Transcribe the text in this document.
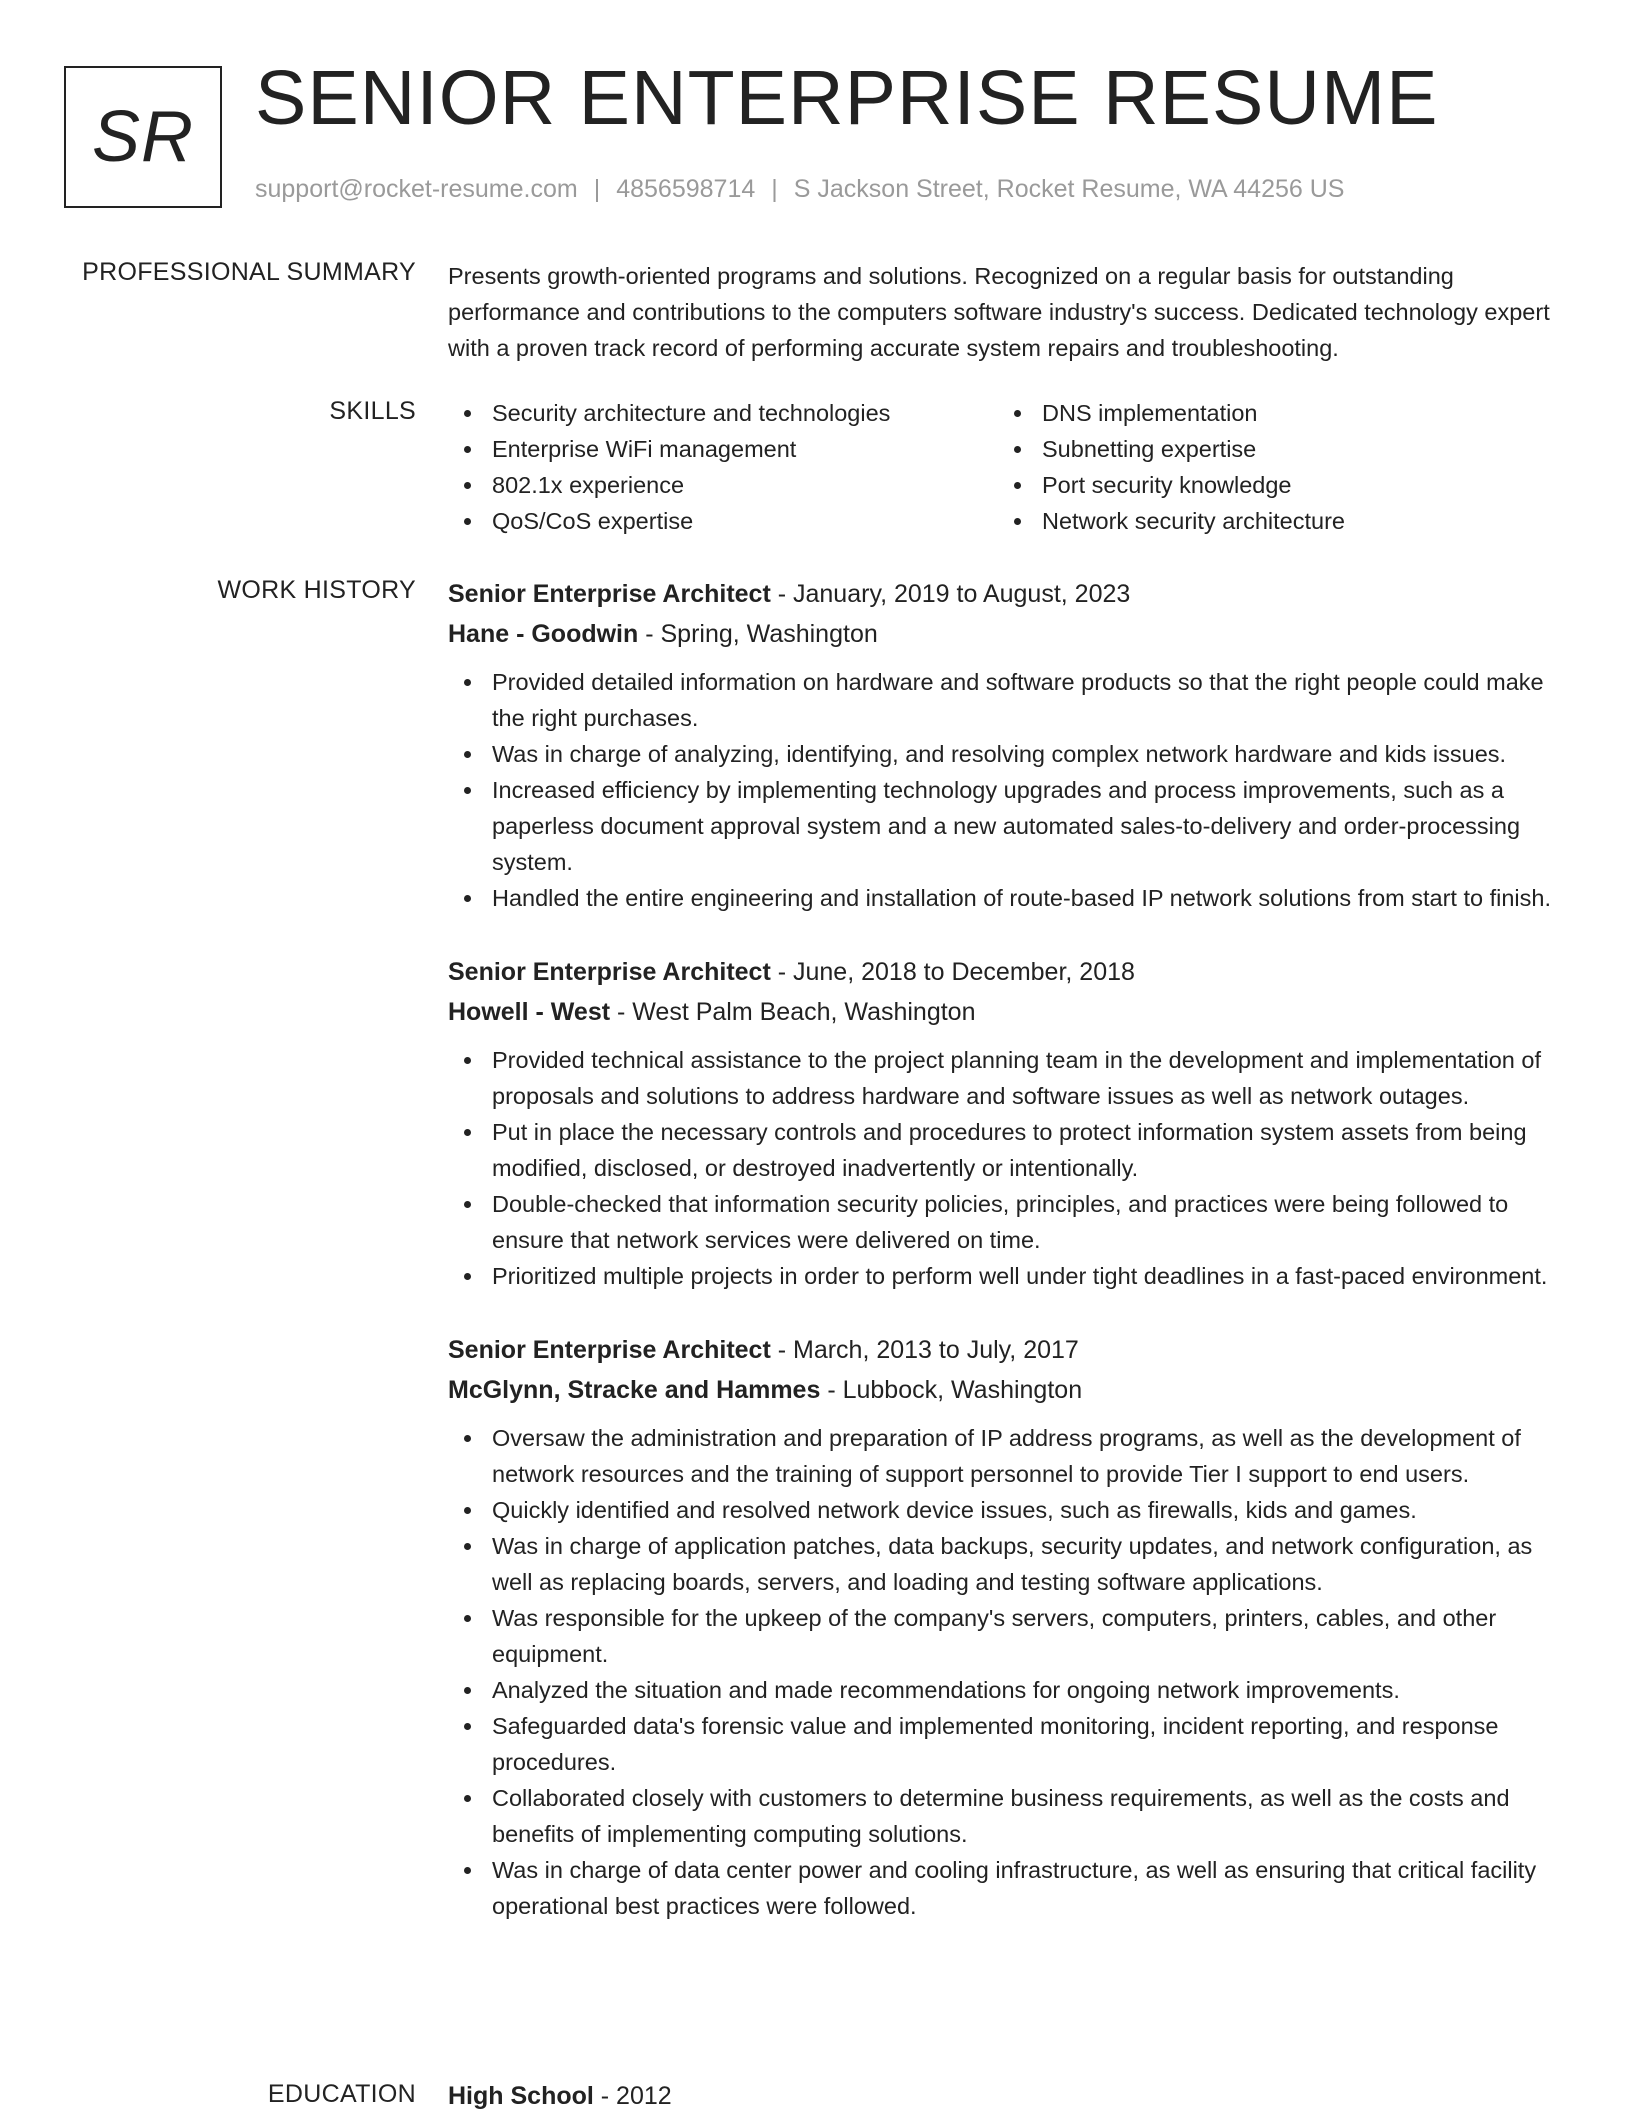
SR SENIOR ENTERPRISE RESUME
support@rocket-resume.com | 4856598714 | S Jackson Street, Rocket Resume, WA 44256 US
PROFESSIONAL SUMMARY Presents growth-oriented programs and solutions. Recognized on a regular basis for outstanding performance and contributions to the computers software industry's success. Dedicated technology expert with a proven track record of performing accurate system repairs and troubleshooting.

SKILLS	Security architecture and technologies
Enterprise WiFi management
802.1x experience
QoS/CoS expertise
DNS implementation
Subnetting expertise
Port security knowledge
Network security architecture
WORK HISTORY Senior Enterprise Architect - January, 2019 to August, 2023
Hane - Goodwin - Spring, Washington
Provided detailed information on hardware and software products so that the right people could make the right purchases.
Was in charge of analyzing, identifying, and resolving complex network hardware and kids issues.
Increased efficiency by implementing technology upgrades and process improvements, such as a paperless document approval system and a new automated sales-to-delivery and order-processing system.
Handled the entire engineering and installation of route-based IP network solutions from start to finish.
Senior Enterprise Architect - June, 2018 to December, 2018
Howell - West - West Palm Beach, Washington
Provided technical assistance to the project planning team in the development and implementation of proposals and solutions to address hardware and software issues as well as network outages.
Put in place the necessary controls and procedures to protect information system assets from being modified, disclosed, or destroyed inadvertently or intentionally.
Double-checked that information security policies, principles, and practices were being followed to ensure that network services were delivered on time.
Prioritized multiple projects in order to perform well under tight deadlines in a fast-paced environment.
Senior Enterprise Architect - March, 2013 to July, 2017
McGlynn, Stracke and Hammes - Lubbock, Washington
Oversaw the administration and preparation of IP address programs, as well as the development of network resources and the training of support personnel to provide Tier I support to end users.
Quickly identified and resolved network device issues, such as firewalls, kids and games.
Was in charge of application patches, data backups, security updates, and network configuration, as well as replacing boards, servers, and loading and testing software applications.
Was responsible for the upkeep of the company's servers, computers, printers, cables, and other equipment.
Analyzed the situation and made recommendations for ongoing network improvements.
Safeguarded data's forensic value and implemented monitoring, incident reporting, and response procedures.
Collaborated closely with customers to determine business requirements, as well as the costs and benefits of implementing computing solutions.
Was in charge of data center power and cooling infrastructure, as well as ensuring that critical facility operational best practices were followed.
EDUCATION High School - 2012
